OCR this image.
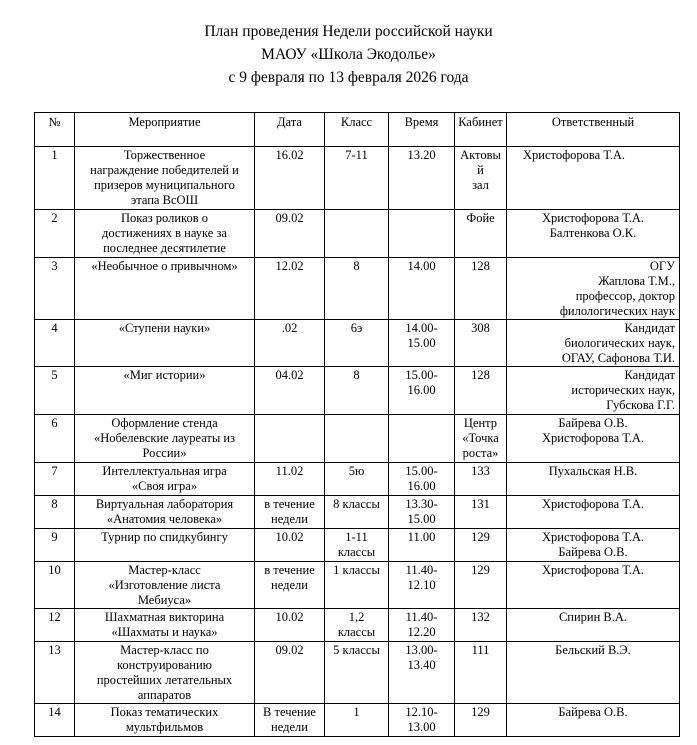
План проведения Недели российской науки
МАОУ «Школа Экодолье»
с 9 февраля по 13 февраля 2026 года
№	Мероприятие	Дата	Класс	Время	Кабинет	Ответственный

1	Торжественное
награждение победителей и
призеров муниципального
этапа ВсОШ	16.02	7-11	13.20	Актовый
зал	Христофорова Т.А.

2	Показ роликов о
достижениях в науке за
последнее десятилетие	09.02			Фойе	Христофорова Т.А.
Балтенкова О.К.

3	«Необычное о привычном»	12.02	8	14.00	128	ОГУ
Жаплова Т.М.,
профессор, доктор
филологических наук

4	«Ступени науки»	.02	6э	14.00-
15.00	308	Кандидат
биологических наук,
ОГАУ, Сафонова Т.И.

5	«Миг истории»	04.02	8	15.00-
16.00	128	Кандидат
исторических наук,
Губскова Г.Г.

6	Оформление стенда
«Нобелевские лауреаты из
России»				Центр
«Точка
роста»	Байрева О.В.
Христофорова Т.А.

7	Интеллектуальная игра
«Своя игра»	11.02	5ю	15.00-
16.00	133	Пухальская Н.В.

8	Виртуальная лаборатория
«Анатомия человека»	в течение
недели	8 классы	13.30-
15.00	131	Христофорова Т.А.

9	Турнир по спидкубингу	10.02	1-11
классы	11.00	129	Христофорова Т.А.
Байрева О.В.

10	Мастер-класс
«Изготовление листа
Мебиуса»	в течение
недели	1 классы	11.40-
12.10	129	Христофорова Т.А.

12	Шахматная викторина
«Шахматы и наука»	10.02	1,2
классы	11.40-
12.20	132	Спирин В.А.

13	Мастер-класс по
конструированию
простейших летательных
аппаратов	09.02	5 классы	13.00-
13.40	111	Бельский В.Э.

14	Показ тематических
мультфильмов	В течение
недели	1	12.10-
13.00	129	Байрева О.В.
